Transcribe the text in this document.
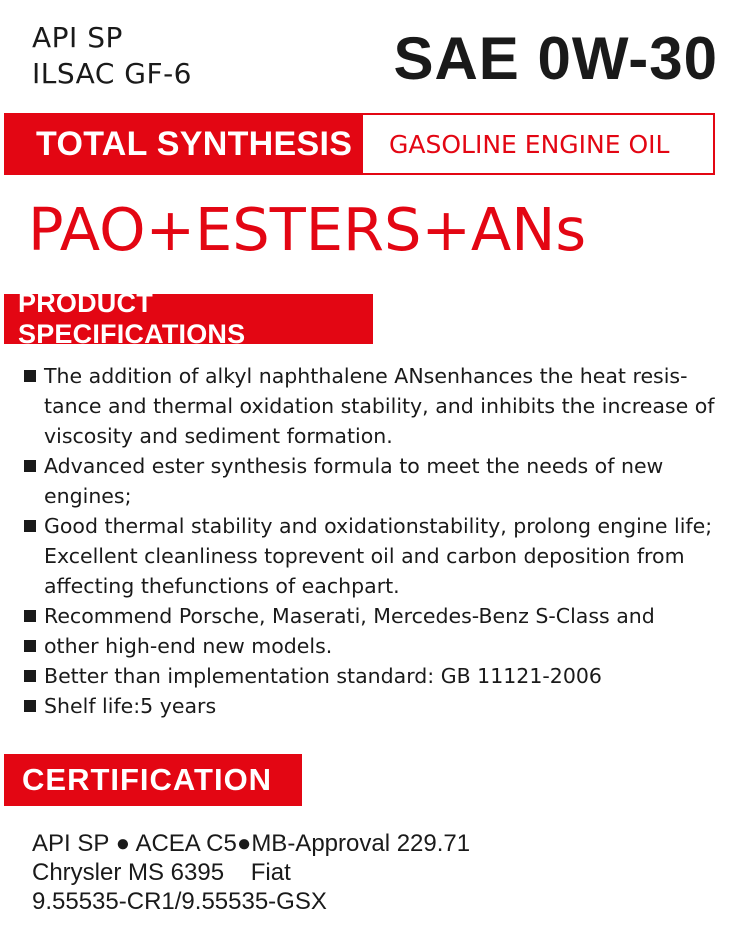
API SP
ILSAC GF-6	SAE 0W-30
TOTAL SYNTHESIS	GASOLINE ENGINE OIL
PAO+ESTERS+ANs
PRODUCT SPECIFICATIONS
The addition of alkyl naphthalene ANsenhances the heat resis-tance and thermal oxidation stability, and inhibits the increase of viscosity and sediment formation.
Advanced ester synthesis formula to meet the needs of new engines;
Good thermal stability and oxidationstability, prolong engine life; Excellent cleanliness toprevent oil and carbon deposition from affecting thefunctions of eachpart.
Recommend Porsche, Maserati, Mercedes-Benz S-Class and
other high-end new models.
Better than implementation standard: GB 11121-2006
Shelf life:5 years
CERTIFICATION
API SP ● ACEA C5●MB-Approval 229.71
Chrysler MS 6395    Fiat
9.55535-CR1/9.55535-GSX
